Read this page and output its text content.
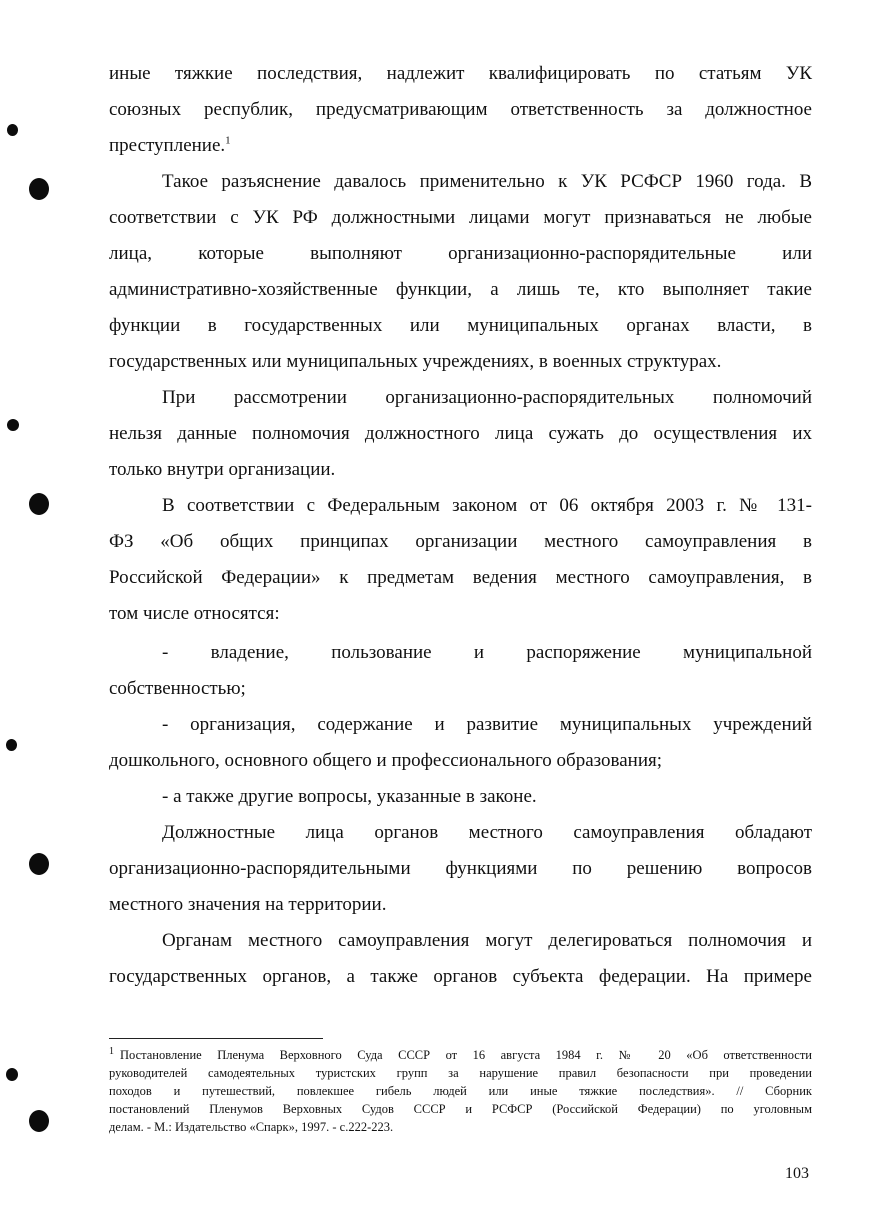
иные тяжкие последствия, надлежит квалифицировать по статьям УК
союзных республик, предусматривающим ответственность за должностное
преступление.$^1$
Такое разъяснение давалось применительно к УК РСФСР 1960 года. В
соответствии с УК РФ должностными лицами могут признаваться не любые
лица, которые выполняют организационно-распорядительные или
административно-хозяйственные функции, а лишь те, кто выполняет такие
функции в государственных или муниципальных органах власти, в
государственных или муниципальных учреждениях, в военных структурах.
При рассмотрении организационно-распорядительных полномочий
нельзя данные полномочия должностного лица сужать до осуществления их
только внутри организации.
В соответствии с Федеральным законом от 06 октября 2003 г. № 131-
ФЗ «Об общих принципах организации местного самоуправления в
Российской Федерации» к предметам ведения местного самоуправления, в
том числе относятся:
- владение, пользование и распоряжение муниципальной
собственностью;
- организация, содержание и развитие муниципальных учреждений
дошкольного, основного общего и профессионального образования;
- а также другие вопросы, указанные в законе.
Должностные лица органов местного самоуправления обладают
организационно-распорядительными функциями по решению вопросов
местного значения на территории.
Органам местного самоуправления могут делегироваться полномочия и
государственных органов, а также органов субъекта федерации. На примере
$^1$ Постановление Пленума Верховного Суда СССР от 16 августа 1984 г. № 20 «Об ответственности
руководителей самодеятельных туристских групп за нарушение правил безопасности при проведении
походов и путешествий, повлекшее гибель людей или иные тяжкие последствия». // Сборник
постановлений Пленумов Верховных Судов СССР и РСФСР (Российской Федерации) по уголовным
делам. - М.: Издательство «Спарк», 1997. - с.222-223.
103
